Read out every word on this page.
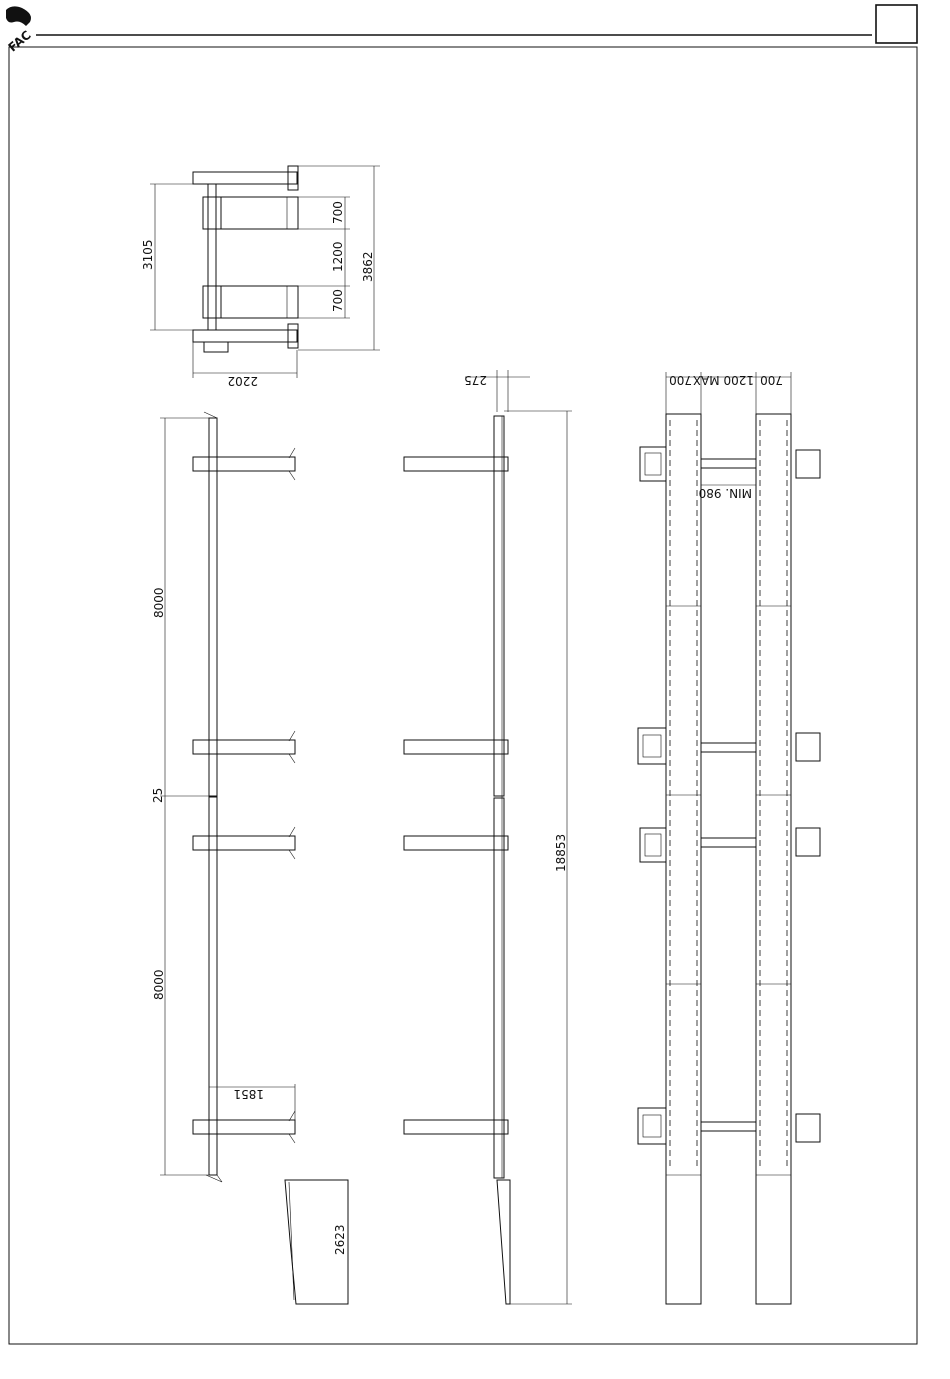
FAC
3105	3862
700
1200
700
2202
8000
25
8000
1851
2623
275
18853
700 1200 MAX 700
MIN. 980
